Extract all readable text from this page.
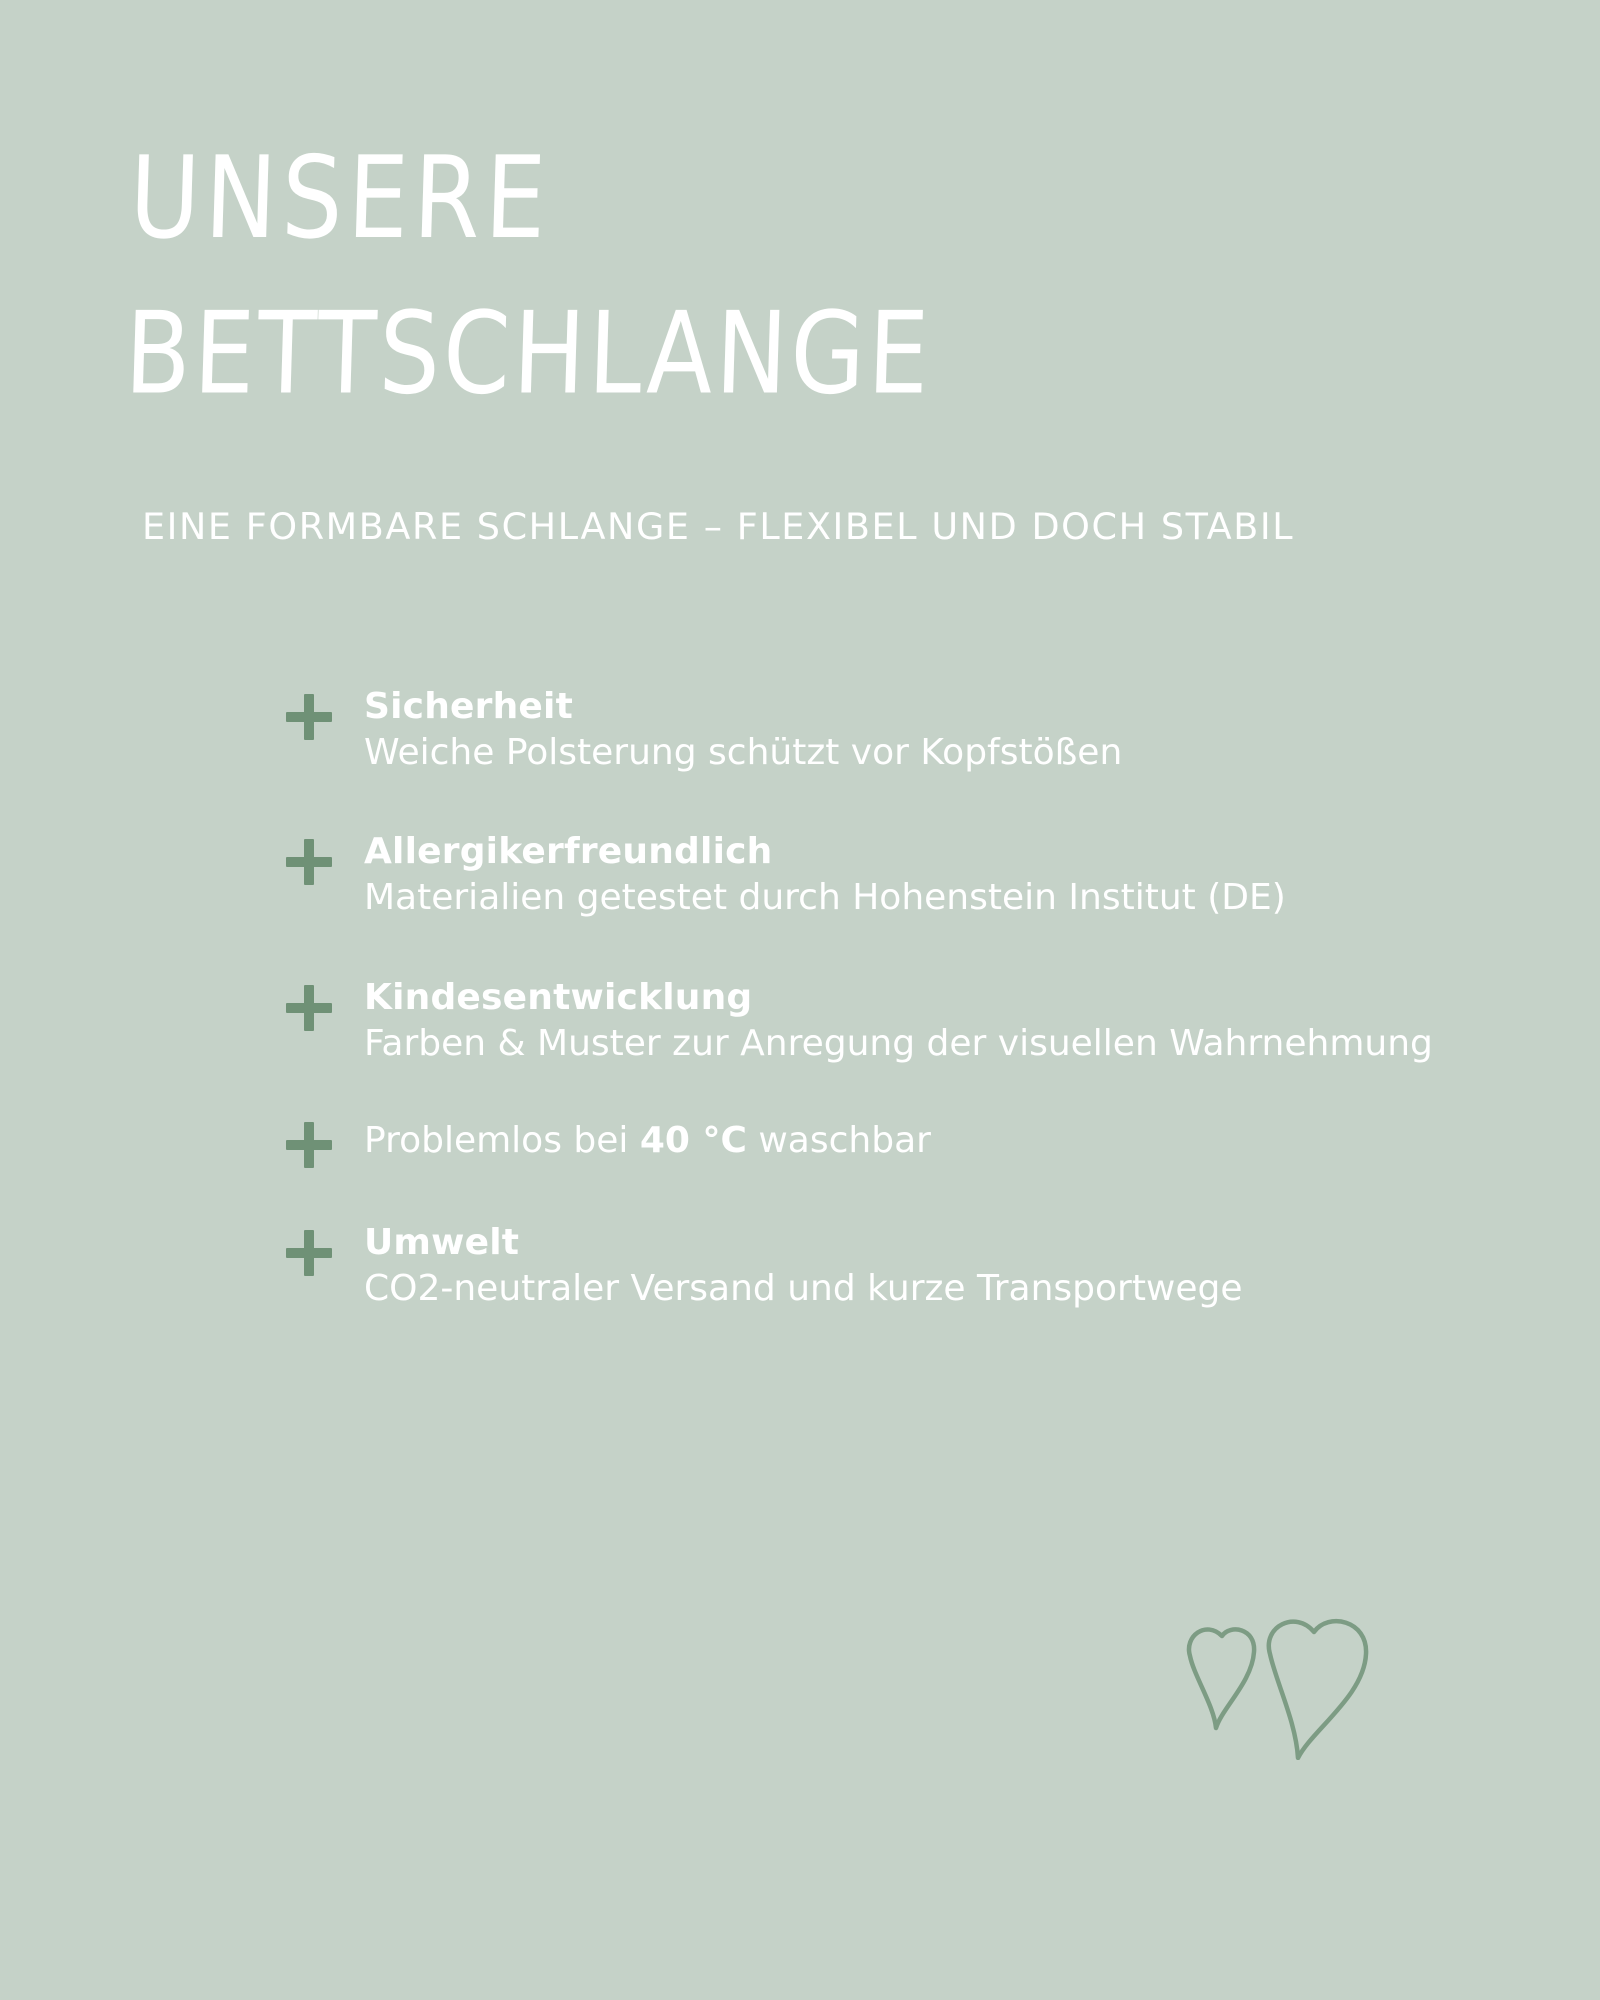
UNSERE
BETTSCHLANGE
EINE FORMBARE SCHLANGE – FLEXIBEL UND DOCH STABIL
Sicherheit
Weiche Polsterung schützt vor Kopfstößen
Allergikerfreundlich
Materialien getestet durch Hohenstein Institut (DE)
Kindesentwicklung
Farben & Muster zur Anregung der visuellen Wahrnehmung
Problemlos bei 40 °C waschbar
Umwelt
CO2-neutraler Versand und kurze Transportwege
